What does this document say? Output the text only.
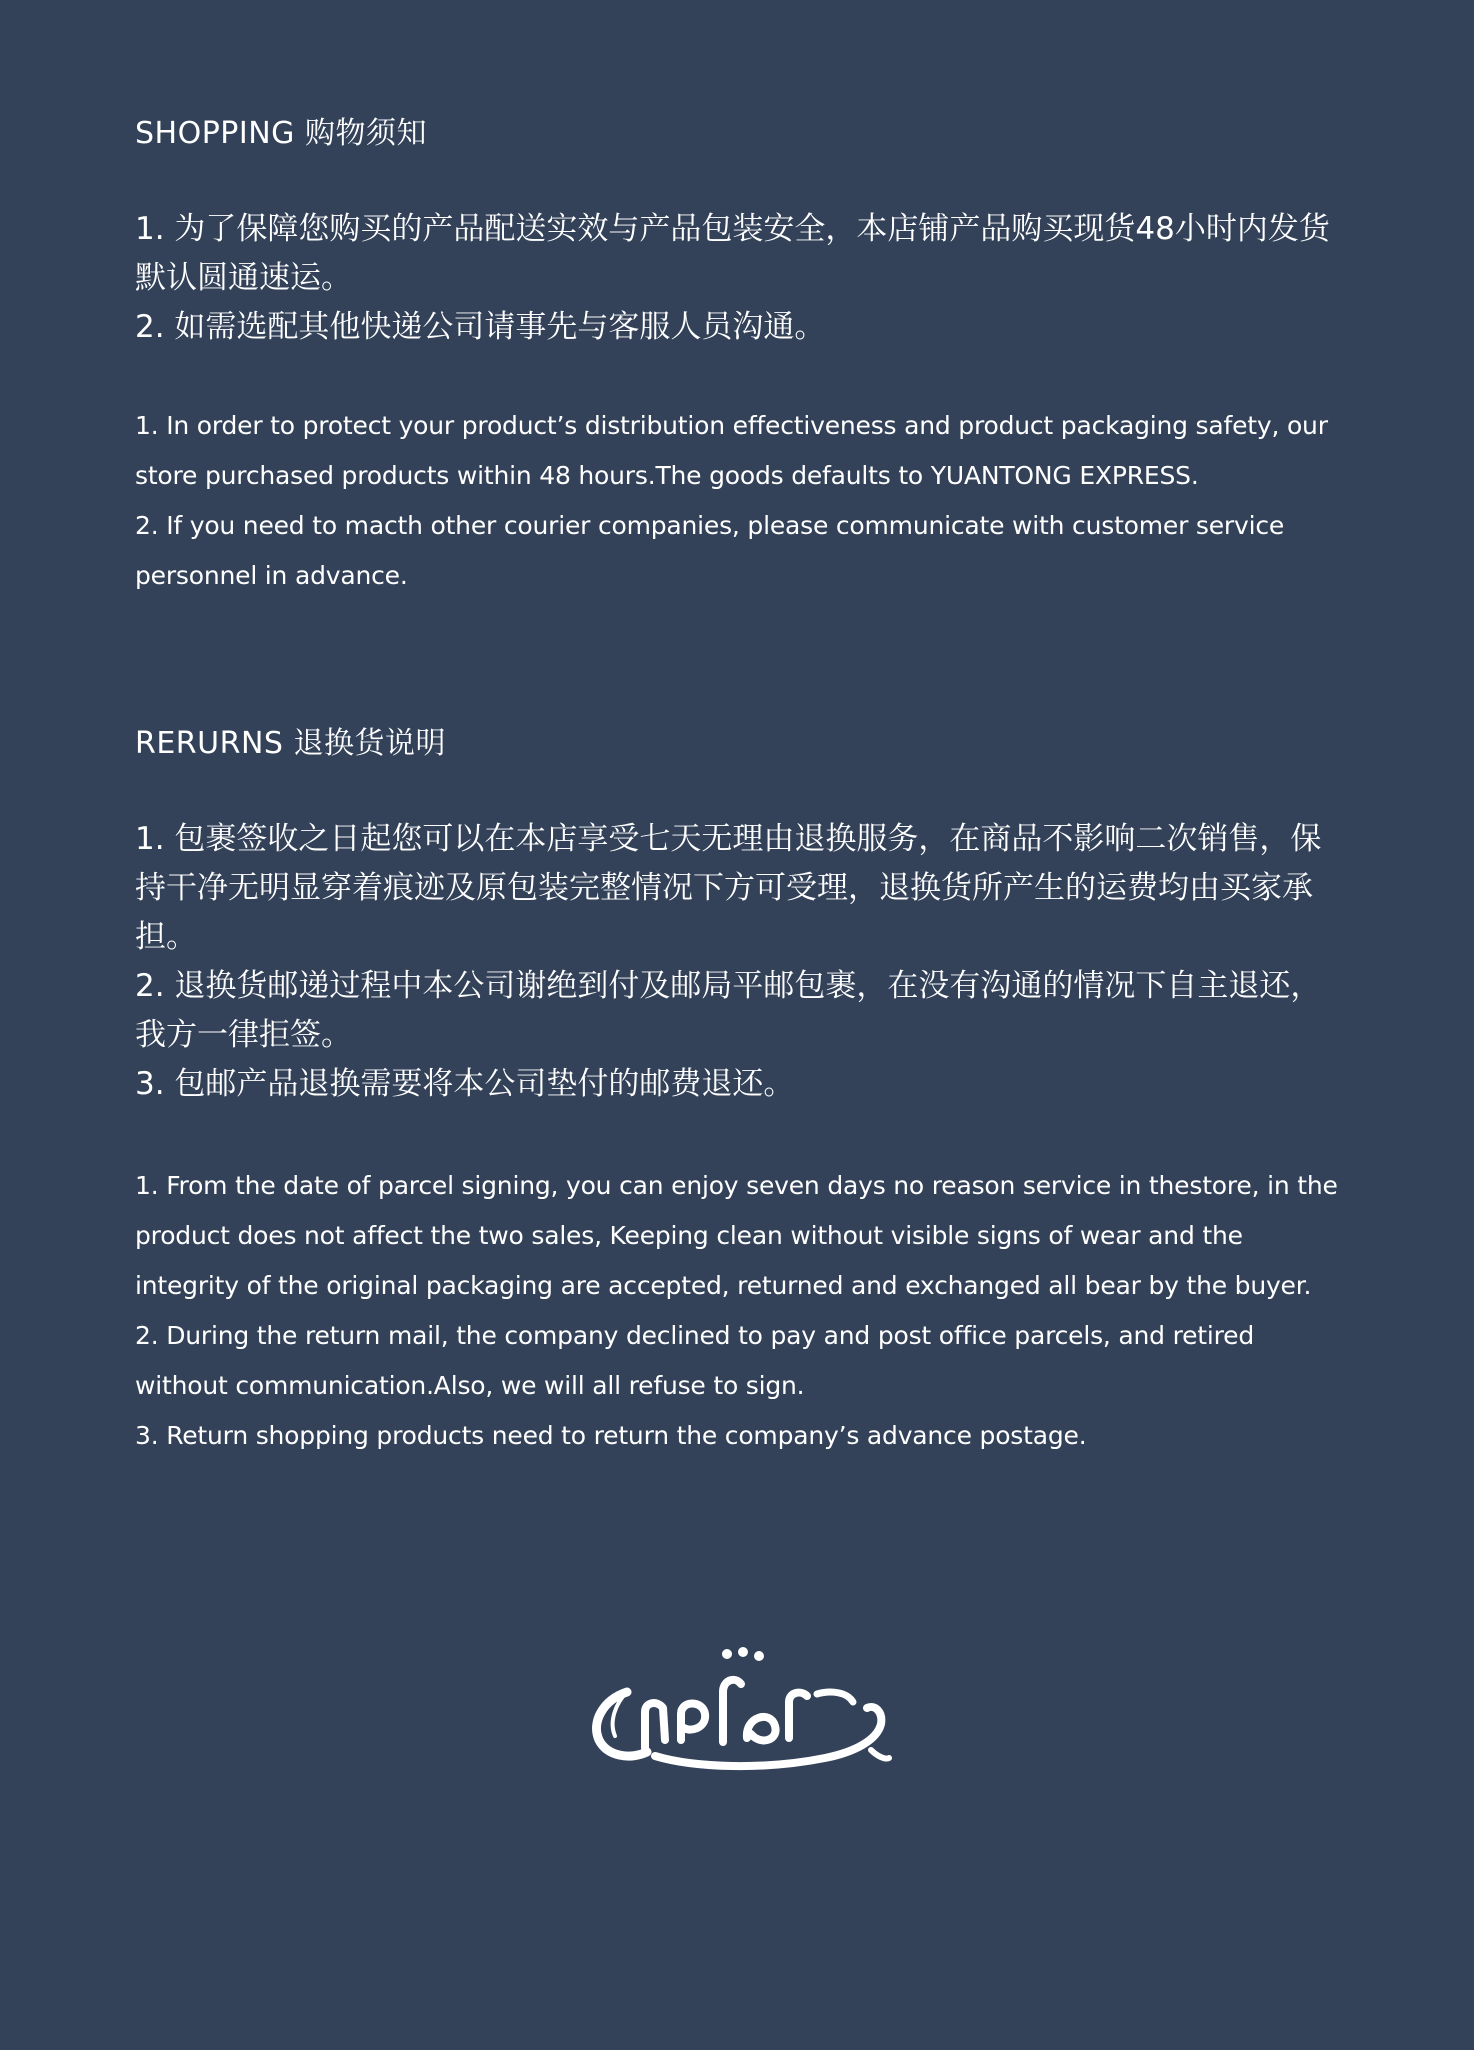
SHOPPING 购物须知

1. 为了保障您购买的产品配送实效与产品包装安全，本店铺产品购买现货48小时内发货默认圆通速运。

2. 如需选配其他快递公司请事先与客服人员沟通。

1. In order to protect your product’s distribution effectiveness and product packaging safety, our store purchased products within 48 hours.The goods defaults to YUANTONG EXPRESS.

2. If you need to macth other courier companies, please communicate with customer service personnel in advance.

RERURNS 退换货说明

1. 包裹签收之日起您可以在本店享受七天无理由退换服务，在商品不影响二次销售，保持干净无明显穿着痕迹及原包装完整情况下方可受理，退换货所产生的运费均由买家承担。

2. 退换货邮递过程中本公司谢绝到付及邮局平邮包裹，在没有沟通的情况下自主退还，我方一律拒签。

3. 包邮产品退换需要将本公司垫付的邮费退还。

1. From the date of parcel signing, you can enjoy seven days no reason service in thestore, in the product does not affect the two sales, Keeping clean without visible signs of wear and the integrity of the original packaging are accepted, returned and exchanged all bear by the buyer.

2. During the return mail, the company declined to pay and post office parcels, and retired without communication.Also, we will all refuse to sign.

3. Return shopping products need to return the company’s advance postage.
